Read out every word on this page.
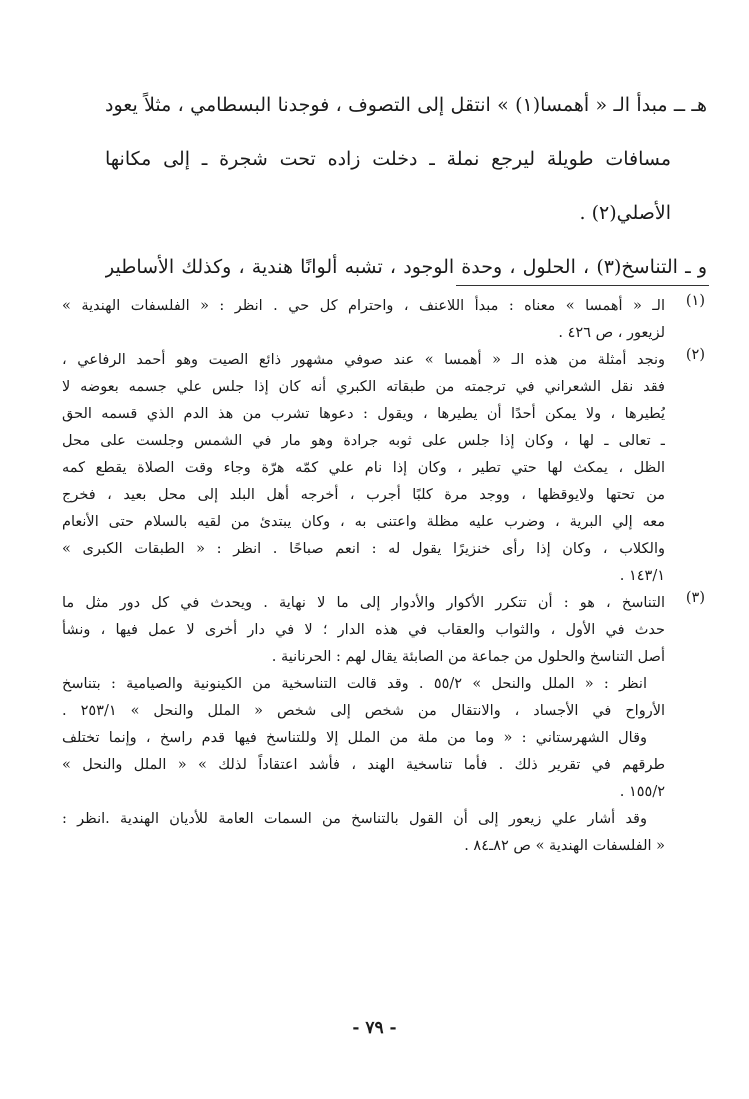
هـ ــ مبدأ الـ « أهمسا(١) » انتقل إلى التصوف ، فوجدنا البسطامي ، مثلاً يعود
مسافات طويلة ليرجع نملة ـ دخلت زاده تحت شجرة ـ إلى مكانها
الأصلي(٢) .
و ـ التناسخ(٣) ، الحلول ، وحدة الوجود ، تشبه ألوانًا هندية ، وكذلك الأساطير
(١)
الـ « أهمسا » معناه : مبدأ اللاعنف ، واحترام كل حي . انظر : « الفلسفات الهندية »
لزيعور ، ص ٤٢٦ .
(٢)
ونجد أمثلة من هذه الـ « أهمسا » عند صوفي مشهور ذائع الصيت وهو أحمد الرفاعي ،
فقد نقل الشعراني في ترجمته من طبقاته الكبري أنه كان إذا جلس علي جسمه بعوضه لا
يُطيرها ، ولا يمكن أحدًا أن يطيرها ، ويقول : دعوها تشرب من هذ الدم الذي قسمه الحق
ـ تعالى ـ لها ، وكان إذا جلس على ثوبه جرادة وهو مار في الشمس وجلست على محل
الظل ، يمكث لها حتي تطير ، وكان إذا نام علي كمّه هرّة وجاء وقت الصلاة يقطع كمه
من تحتها ولايوقظها ، ووجد مرة كلبًا أجرب ، أخرجه أهل البلد إلى محل بعيد ، فخرج
معه إلي البرية ، وضرب عليه مظلة واعتنى به ، وكان يبتدئ من لقيه بالسلام حتى الأنعام
والكلاب ، وكان إذا رأى خنزيرًا يقول له : انعم صباحًا . انظر : « الطبقات الكبرى »
١٤٣/١ .
(٣)
التناسخ ، هو : أن تتكرر الأكوار والأدوار إلى ما لا نهاية . ويحدث في كل دور مثل ما
حدث في الأول ، والثواب والعقاب في هذه الدار ؛ لا في دار أخرى لا عمل فيها ، ونشأ
أصل التناسخ والحلول من جماعة من الصابئة يقال لهم : الحرنانية .
انظر : « الملل والنحل » ٥٥/٢ . وقد قالت التناسخية من الكينونية والصيامية : بتناسخ
الأرواح في الأجساد ، والانتقال من شخص إلى شخص « الملل والنحل » ٢٥٣/١ .
وقال الشهرستاني : « وما من ملة من الملل إلا وللتناسخ فيها قدم راسخ ، وإنما تختلف
طرقهم في تقرير ذلك . فأما تناسخية الهند ، فأشد اعتقاداً لذلك » « الملل والنحل »
١٥٥/٢ .
وقد أشار علي زيعور إلى أن القول بالتناسخ من السمات العامة للأديان الهندية .انظر :
« الفلسفات الهندية » ص ٨٢ـ٨٤ .
- ٧٩ -
